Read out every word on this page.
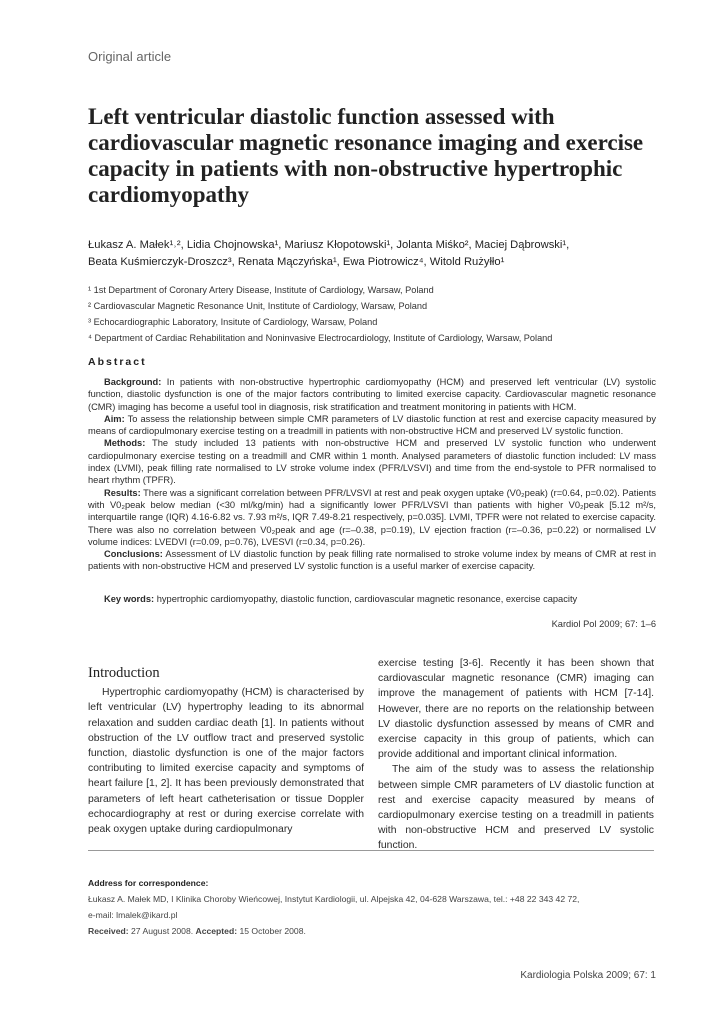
Original article
Left ventricular diastolic function assessed with
cardiovascular magnetic resonance imaging and exercise
capacity in patients with non-obstructive hypertrophic
cardiomyopathy
Łukasz A. Małek¹˒², Lidia Chojnowska¹, Mariusz Kłopotowski¹, Jolanta Miśko², Maciej Dąbrowski¹,
Beata Kuśmierczyk-Droszcz³, Renata Mączyńska¹, Ewa Piotrowicz⁴, Witold Rużyłło¹
¹ 1st Department of Coronary Artery Disease, Institute of Cardiology, Warsaw, Poland
² Cardiovascular Magnetic Resonance Unit, Institute of Cardiology, Warsaw, Poland
³ Echocardiographic Laboratory, Insitute of Cardiology, Warsaw, Poland
⁴ Department of Cardiac Rehabilitation and Noninvasive Electrocardiology, Institute of Cardiology, Warsaw, Poland
Abstract

Background: In patients with non-obstructive hypertrophic cardiomyopathy (HCM) and preserved left ventricular (LV) systolic function, diastolic dysfunction is one of the major factors contributing to limited exercise capacity. Cardiovascular magnetic resonance (CMR) imaging has become a useful tool in diagnosis, risk stratification and treatment monitoring in patients with HCM.

Aim: To assess the relationship between simple CMR parameters of LV diastolic function at rest and exercise capacity measured by means of cardiopulmonary exercise testing on a treadmill in patients with non-obstructive HCM and preserved LV systolic function.

Methods: The study included 13 patients with non-obstructive HCM and preserved LV systolic function who underwent cardiopulmonary exercise testing on a treadmill and CMR within 1 month. Analysed parameters of diastolic function included: LV mass index (LVMI), peak filling rate normalised to LV stroke volume index (PFR/LVSVI) and time from the end-systole to PFR normalised to heart rhythm (TPFR).

Results: There was a significant correlation between PFR/LVSVI at rest and peak oxygen uptake (V0₂peak) (r=0.64, p=0.02). Patients with V0₂peak below median (<30 ml/kg/min) had a significantly lower PFR/LVSVI than patients with higher V0₂peak [5.12 m²/s, interquartile range (IQR) 4.16-6.82 vs. 7.93 m²/s, IQR 7.49-8.21 respectively, p=0.035]. LVMI, TPFR were not related to exercise capacity. There was also no correlation between V0₂peak and age (r=–0.38, p=0.19), LV ejection fraction (r=–0.36, p=0.22) or normalised LV volume indices: LVEDVI (r=0.09, p=0.76), LVESVI (r=0.34, p=0.26).

Conclusions: Assessment of LV diastolic function by peak filling rate normalised to stroke volume index by means of CMR at rest in patients with non-obstructive HCM and preserved LV systolic function is a useful marker of exercise capacity.

Key words: hypertrophic cardiomyopathy, diastolic function, cardiovascular magnetic resonance, exercise capacity
Kardiol Pol 2009; 67: 1–6
Introduction

Hypertrophic cardiomyopathy (HCM) is characterised by left ventricular (LV) hypertrophy leading to its abnormal relaxation and sudden cardiac death [1]. In patients without obstruction of the LV outflow tract and preserved systolic function, diastolic dysfunction is one of the major factors contributing to limited exercise capacity and symptoms of heart failure [1, 2]. It has been previously demonstrated that parameters of left heart catheterisation or tissue Doppler echocardiography at rest or during exercise correlate with peak oxygen uptake during cardiopulmonary

exercise testing [3-6]. Recently it has been shown that cardiovascular magnetic resonance (CMR) imaging can improve the management of patients with HCM [7-14]. However, there are no reports on the relationship between LV diastolic dysfunction assessed by means of CMR and exercise capacity in this group of patients, which can provide additional and important clinical information.

The aim of the study was to assess the relationship between simple CMR parameters of LV diastolic function at rest and exercise capacity measured by means of cardiopulmonary exercise testing on a treadmill in patients with non-obstructive HCM and preserved LV systolic function.

Address for correspondence:
Łukasz A. Małek MD, I Klinika Choroby Wieńcowej, Instytut Kardiologii, ul. Alpejska 42, 04-628 Warszawa, tel.: +48 22 343 42 72,
e-mail: lmalek@ikard.pl
Received: 27 August 2008. Accepted: 15 October 2008.
Kardiologia Polska 2009; 67: 1
